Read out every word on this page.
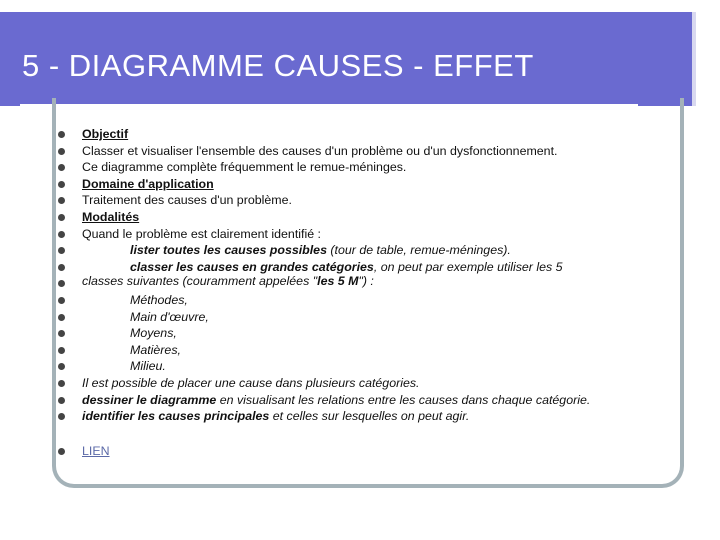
5 - DIAGRAMME CAUSES - EFFET
Objectif
Classer et visualiser l'ensemble des causes d'un problème ou d'un dysfonctionnement.
Ce diagramme complète fréquemment le remue-méninges.
Domaine d'application
Traitement des causes d'un problème.
Modalités
Quand le problème est clairement identifié :
lister toutes les causes possibles (tour de table, remue-méninges).
classer les causes en grandes catégories, on peut par exemple utiliser les 5
classes suivantes (couramment appelées "les 5 M") :
Méthodes,
Main d'œuvre,
Moyens,
Matières,
Milieu.
Il est possible de placer une cause dans plusieurs catégories.
dessiner le diagramme en visualisant les relations entre les causes dans chaque catégorie.
identifier les causes principales et celles sur lesquelles on peut agir.
LIEN
